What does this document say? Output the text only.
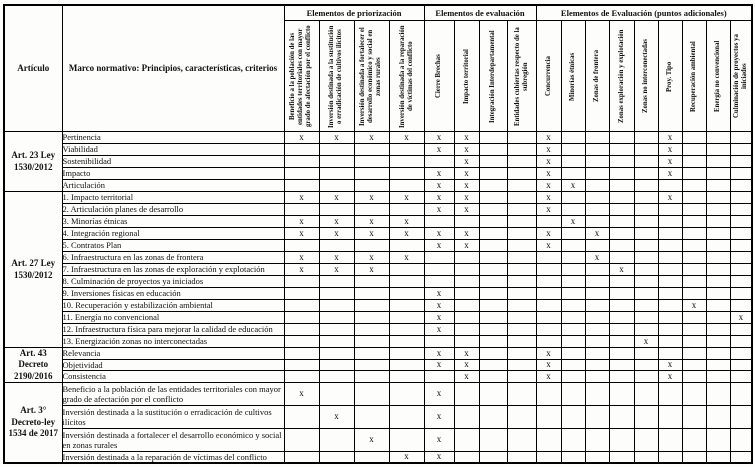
Artículo	Marco normativo: Principios, características, criterios	Elementos de priorización				Elementos de evaluación				Elementos de Evaluación (puntos adicionales)								

		Beneficio a la población de las entidades territoriales con mayor grado de afectación por el conflicto	Inversión destinada a la sustitución o erradicación de cultivos ilícitos	Inversión destinada a fortalecer el desarrollo económico y social en zonas rurales	Inversión destinada a la reparación de víctimas del conflicto	Cierre Brechas	Impacto territorial	Integración Interdepartamental	Entidades cubiertas respecto de la subregión	Concurrencia	Minorías étnicas	Zonas de frontera	Zonas exploración y explotación	Zonas no interconectadas	Proy. Tipo	Recuperación ambiental	Energía no convencional	Culminación de proyectos ya iniciados

Art. 23 Ley 1530/2012	Pertinencia	x	x	x	x	x	x			x					x			
	Viabilidad					x	x			x					x			
	Sostenibilidad						x			x					x			
	Impacto					x	x			x					x			
	Articulación					x	x			x	x							
Art. 27 Ley 1530/2012	1. Impacto territorial	x	x	x	x	x	x			x					x			
	2. Articulación planes de desarrollo					x	x			x								
	3. Minorías étnicas	x	x	x	x						x							
	4. Integración regional	x	x	x	x	x	x			x		x						
	5. Contratos Plan					x	x			x								
	6. Infraestructura en las zonas de frontera	x	x	x	x							x						
	7. Infraestructura en las zonas de exploración y explotación	x	x	x									x					
	8. Culminación de proyectos ya iniciados																	
	9. Inversiones físicas en educación					x												
	10. Recuperación y estabilización ambiental					x										x		
	11. Energía no convencional					x												x
	12. Infraestructura física para mejorar la calidad de educación					x												
	13. Energización zonas no interconectadas													x				
Art. 43 Decreto 2190/2016	Relevancia					x	x			x								
	Objetividad					x	x			x					x			
	Consistencia						x			x					x			
Art. 3° Decreto-ley 1534 de 2017	Beneficio a la población de las entidades territoriales con mayor grado de afectación por el conflicto	x				x												
	Inversión destinada a la sustitución o erradicación de cultivos ilícitos		x			x												
	Inversión destinada a fortalecer el desarrollo económico y social en zonas rurales			x		x												
	Inversión destinada a la reparación de víctimas del conflicto				x	x												
